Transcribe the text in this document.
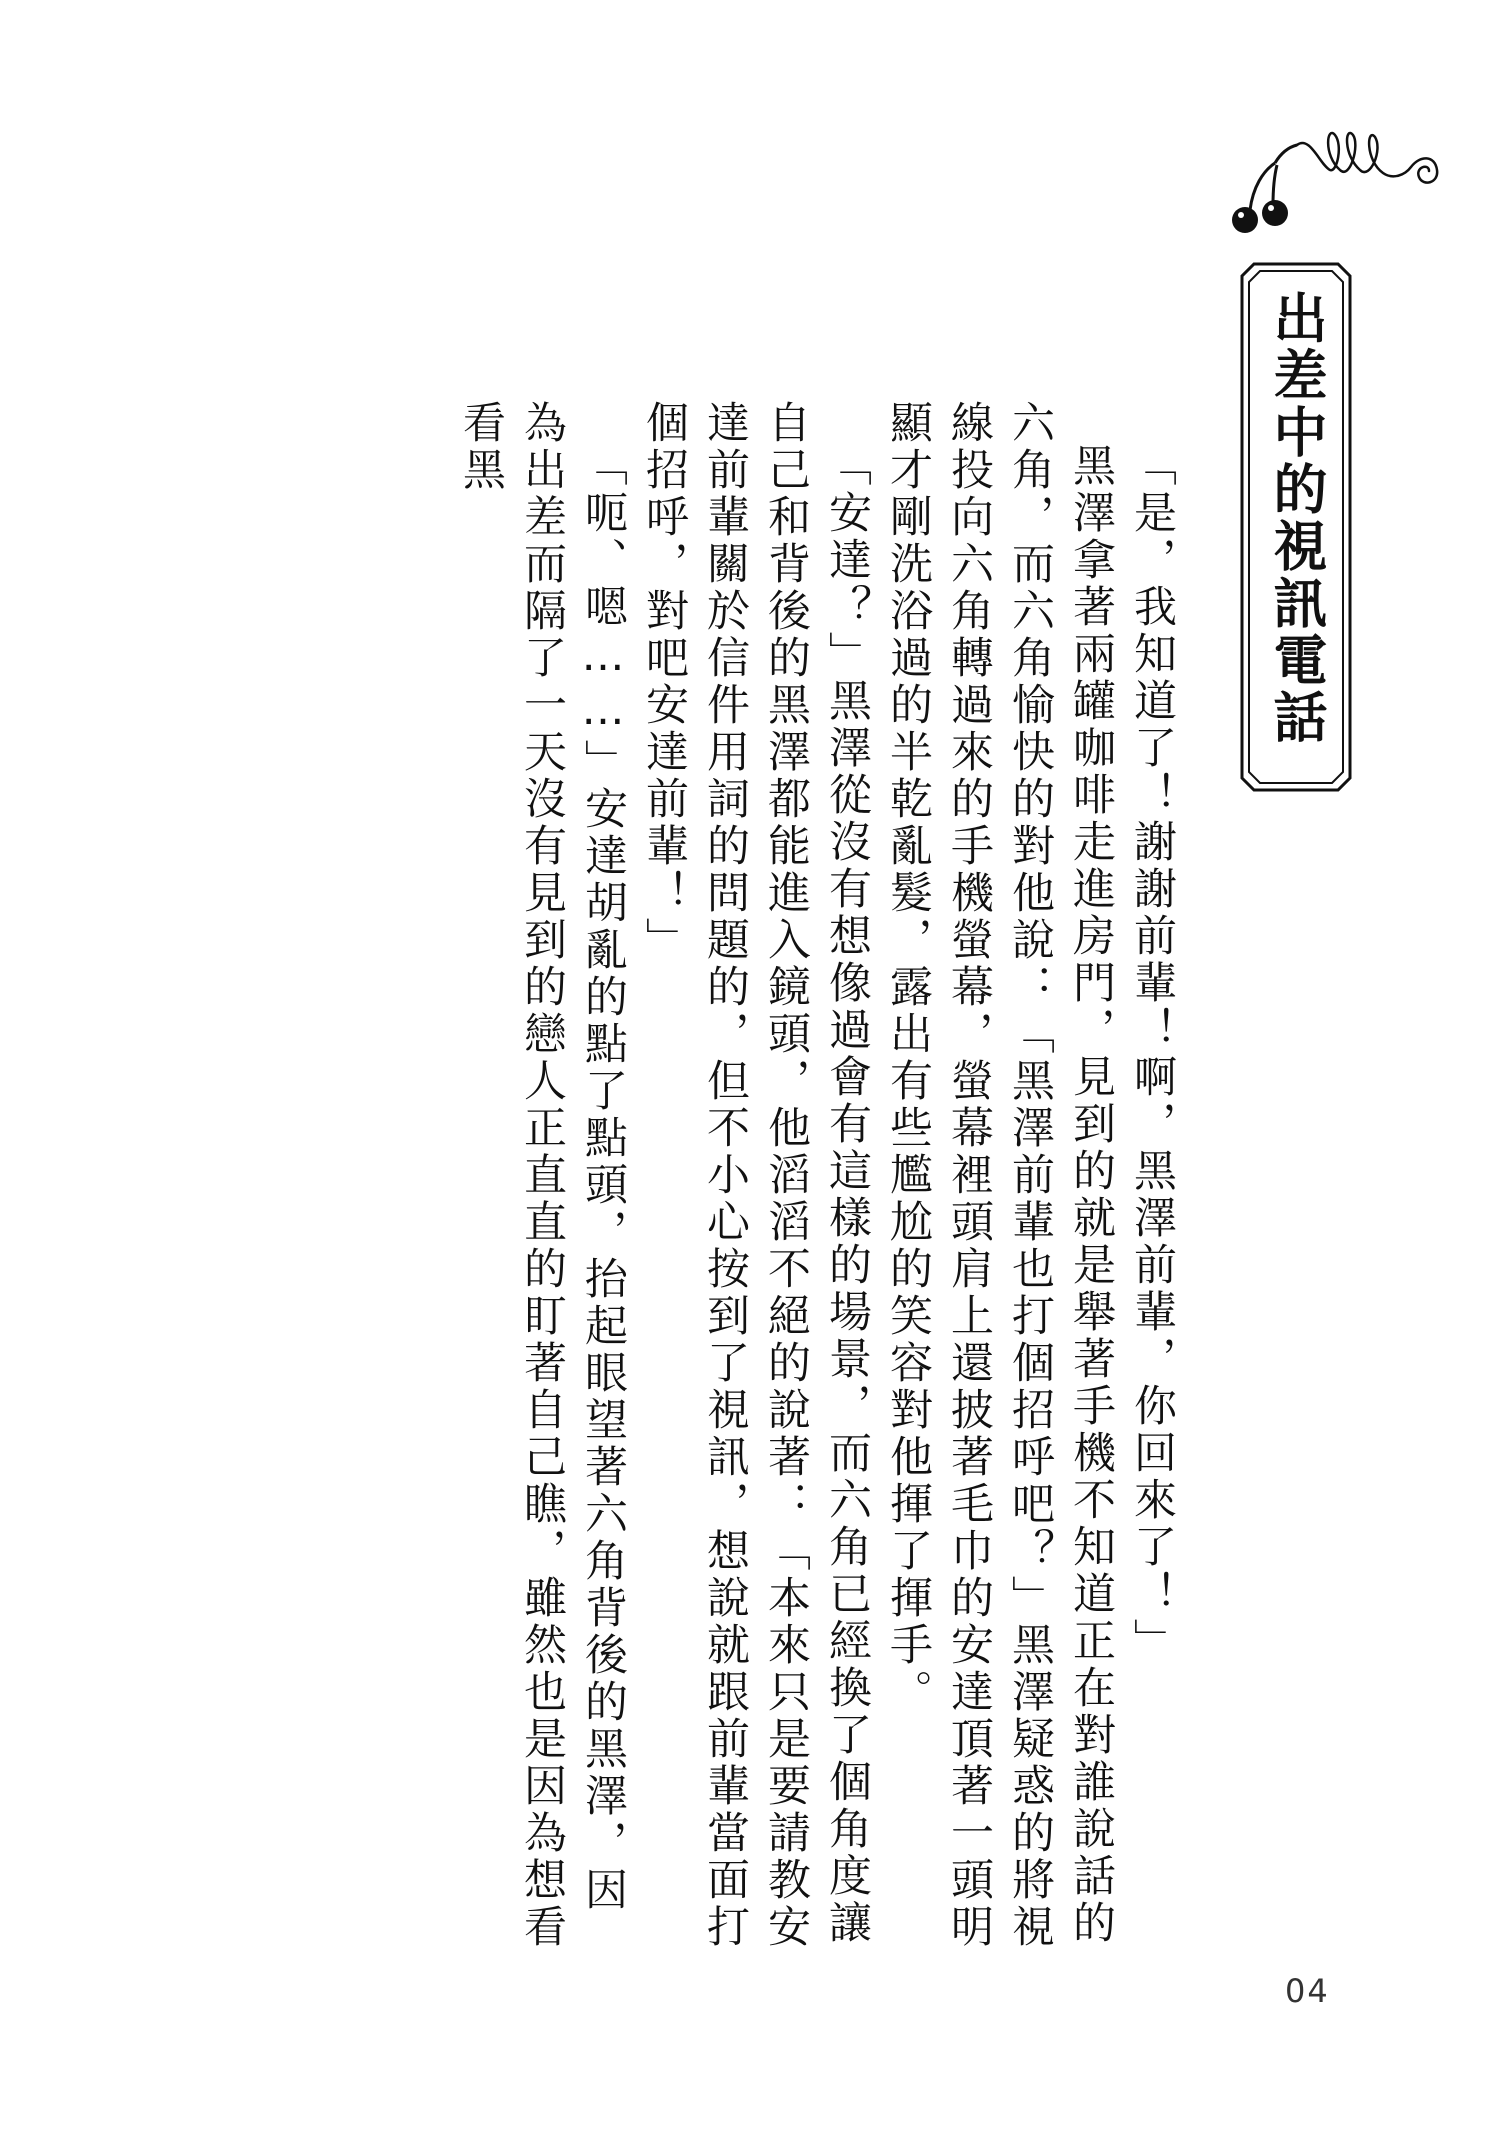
出差中的視訊電話

「是，我知道了！謝謝前輩！啊，黑澤前輩，你回來了！」

黑澤拿著兩罐咖啡走進房門，見到的就是舉著手機不知道正在對誰說話的六角，而六角愉快的對他說：「黑澤前輩也打個招呼吧？」黑澤疑惑的將視線投向六角轉過來的手機螢幕，螢幕裡頭肩上還披著毛巾的安達頂著一頭明顯才剛洗浴過的半乾亂髮，露出有些尷尬的笑容對他揮了揮手。

「安達？」黑澤從沒有想像過會有這樣的場景，而六角已經換了個角度讓自己和背後的黑澤都能進入鏡頭，他滔滔不絕的說著：「本來只是要請教安達前輩關於信件用詞的問題的，但不小心按到了視訊，想說就跟前輩當面打個招呼，對吧安達前輩！」

「呃、嗯……」安達胡亂的點了點頭，抬起眼望著六角背後的黑澤，因為出差而隔了一天沒有見到的戀人正直直的盯著自己瞧，雖然也是因為想看看黑

04
